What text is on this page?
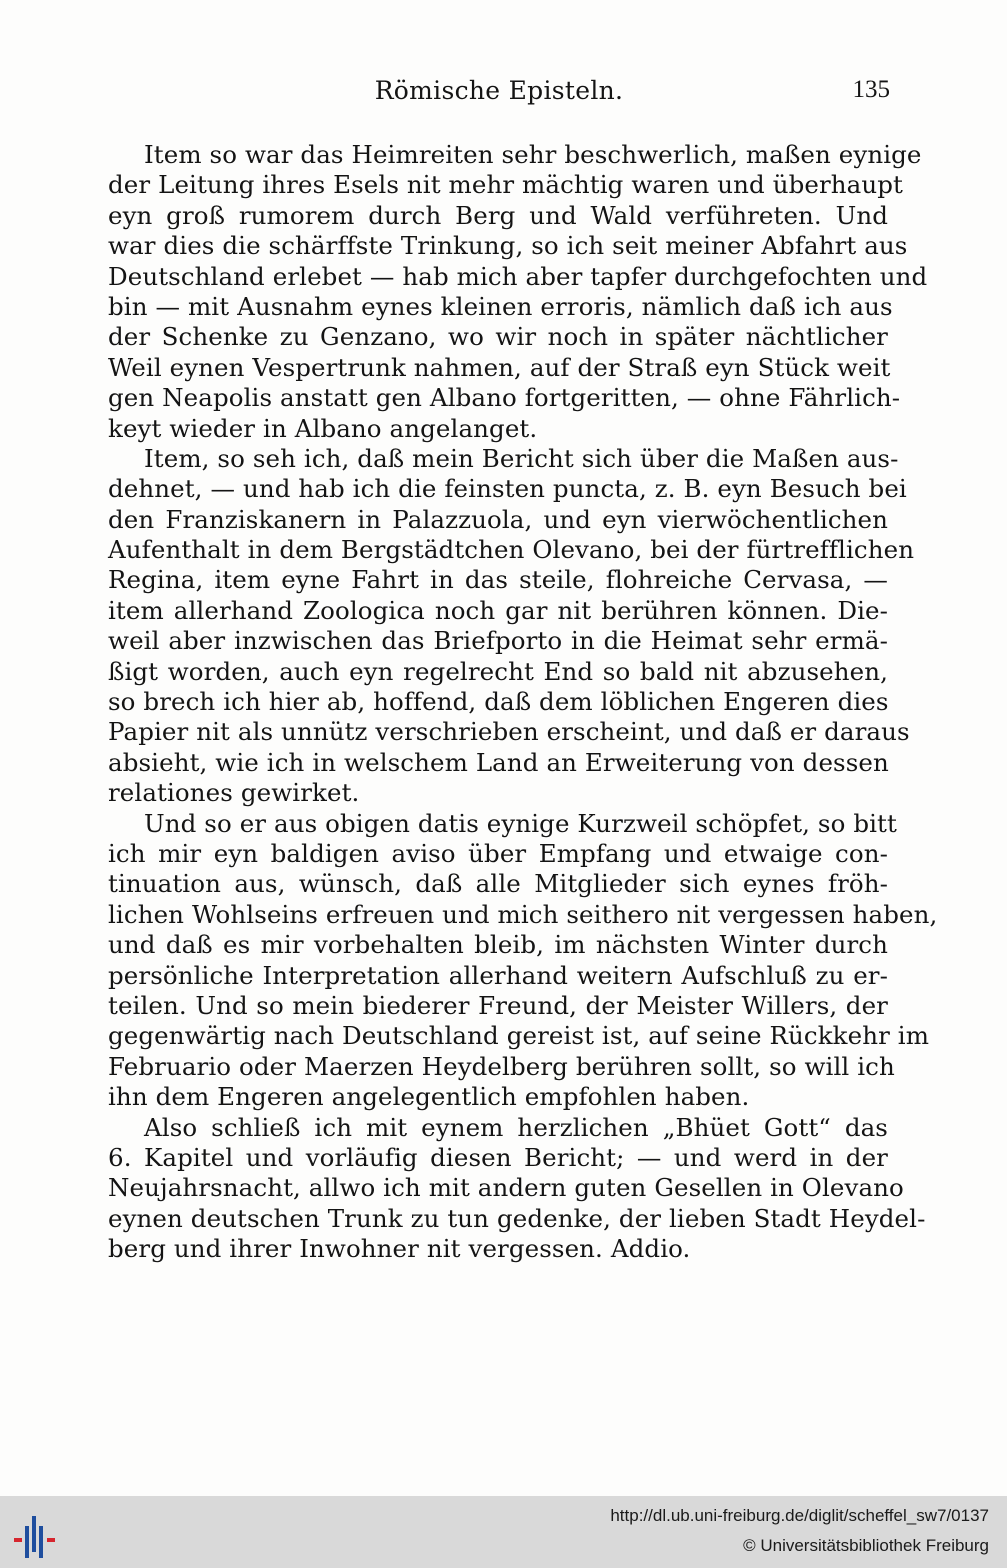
Römische Episteln.	135
Item so war das Heimreiten sehr beschwerlich, maßen eynige
der Leitung ihres Esels nit mehr mächtig waren und überhaupt
eyn groß rumorem durch Berg und Wald verführeten. Und
war dies die schärffste Trinkung, so ich seit meiner Abfahrt aus
Deutschland erlebet — hab mich aber tapfer durchgefochten und
bin — mit Ausnahm eynes kleinen erroris, nämlich daß ich aus
der Schenke zu Genzano, wo wir noch in später nächtlicher
Weil eynen Vespertrunk nahmen, auf der Straß eyn Stück weit
gen Neapolis anstatt gen Albano fortgeritten, — ohne Fährlich-
keyt wieder in Albano angelanget.
Item, so seh ich, daß mein Bericht sich über die Maßen aus-
dehnet, — und hab ich die feinsten puncta, z. B. eyn Besuch bei
den Franziskanern in Palazzuola, und eyn vierwöchentlichen
Aufenthalt in dem Bergstädtchen Olevano, bei der fürtrefflichen
Regina, item eyne Fahrt in das steile, flohreiche Cervasa, —
item allerhand Zoologica noch gar nit berühren können. Die-
weil aber inzwischen das Briefporto in die Heimat sehr ermä-
ßigt worden, auch eyn regelrecht End so bald nit abzusehen,
so brech ich hier ab, hoffend, daß dem löblichen Engeren dies
Papier nit als unnütz verschrieben erscheint, und daß er daraus
absieht, wie ich in welschem Land an Erweiterung von dessen
relationes gewirket.
Und so er aus obigen datis eynige Kurzweil schöpfet, so bitt
ich mir eyn baldigen aviso über Empfang und etwaige con-
tinuation aus, wünsch, daß alle Mitglieder sich eynes fröh-
lichen Wohlseins erfreuen und mich seithero nit vergessen haben,
und daß es mir vorbehalten bleib, im nächsten Winter durch
persönliche Interpretation allerhand weitern Aufschluß zu er-
teilen. Und so mein biederer Freund, der Meister Willers, der
gegenwärtig nach Deutschland gereist ist, auf seine Rückkehr im
Februario oder Maerzen Heydelberg berühren sollt, so will ich
ihn dem Engeren angelegentlich empfohlen haben.
Also schließ ich mit eynem herzlichen „Bhüet Gott“ das
6. Kapitel und vorläufig diesen Bericht; — und werd in der
Neujahrsnacht, allwo ich mit andern guten Gesellen in Olevano
eynen deutschen Trunk zu tun gedenke, der lieben Stadt Heydel-
berg und ihrer Inwohner nit vergessen. Addio.
http://dl.ub.uni-freiburg.de/diglit/scheffel_sw7/0137
© Universitätsbibliothek Freiburg
